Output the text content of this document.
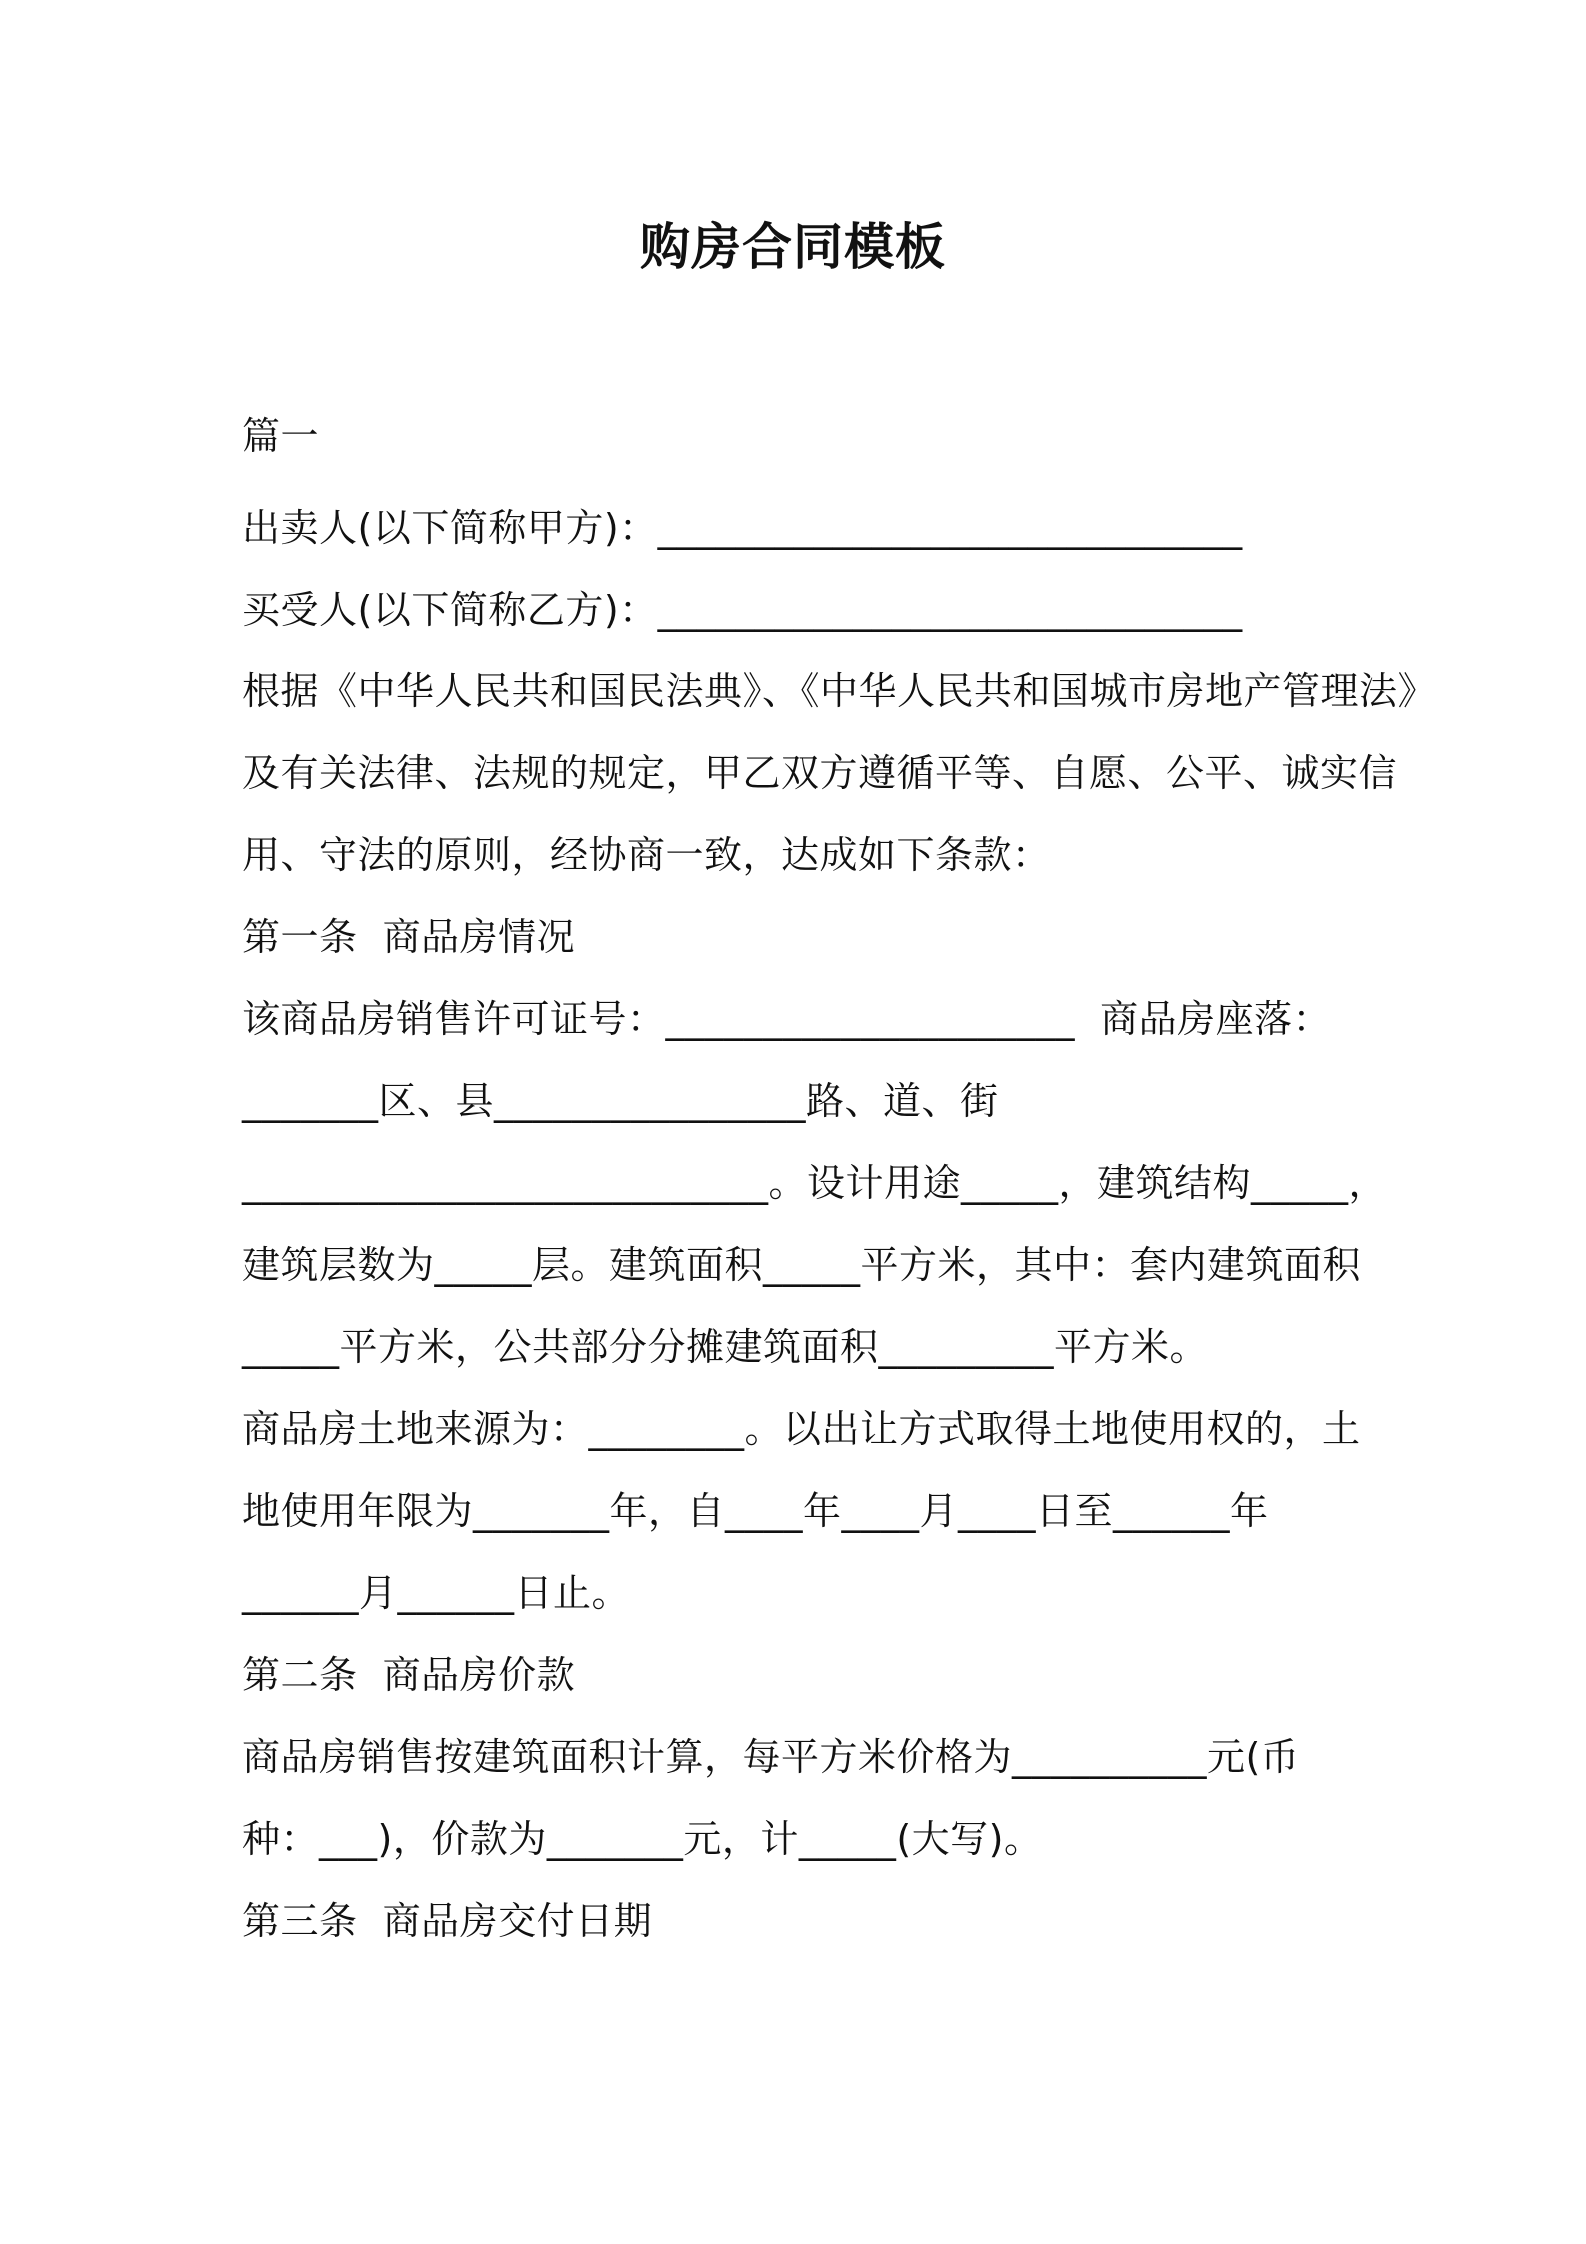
购房合同模板
篇一
出卖人(以下简称甲方)：______________________________
买受人(以下简称乙方)：______________________________
根据《中华人民共和国民法典》、《中华人民共和国城市房地产管理法》
及有关法律、法规的规定，甲乙双方遵循平等、自愿、公平、诚实信
用、守法的原则，经协商一致，达成如下条款：
第一条  商品房情况
该商品房销售许可证号：_____________________  商品房座落：
_______区、县________________路、道、街
___________________________。设计用途_____，建筑结构_____，
建筑层数为_____层。建筑面积_____平方米，其中：套内建筑面积
_____平方米，公共部分分摊建筑面积_________平方米。
商品房土地来源为：________。以出让方式取得土地使用权的，土
地使用年限为_______年，自____年____月____日至______年
______月______日止。
第二条  商品房价款
商品房销售按建筑面积计算，每平方米价格为__________元(币
种：___)，价款为_______元，计_____(大写)。
第三条  商品房交付日期
